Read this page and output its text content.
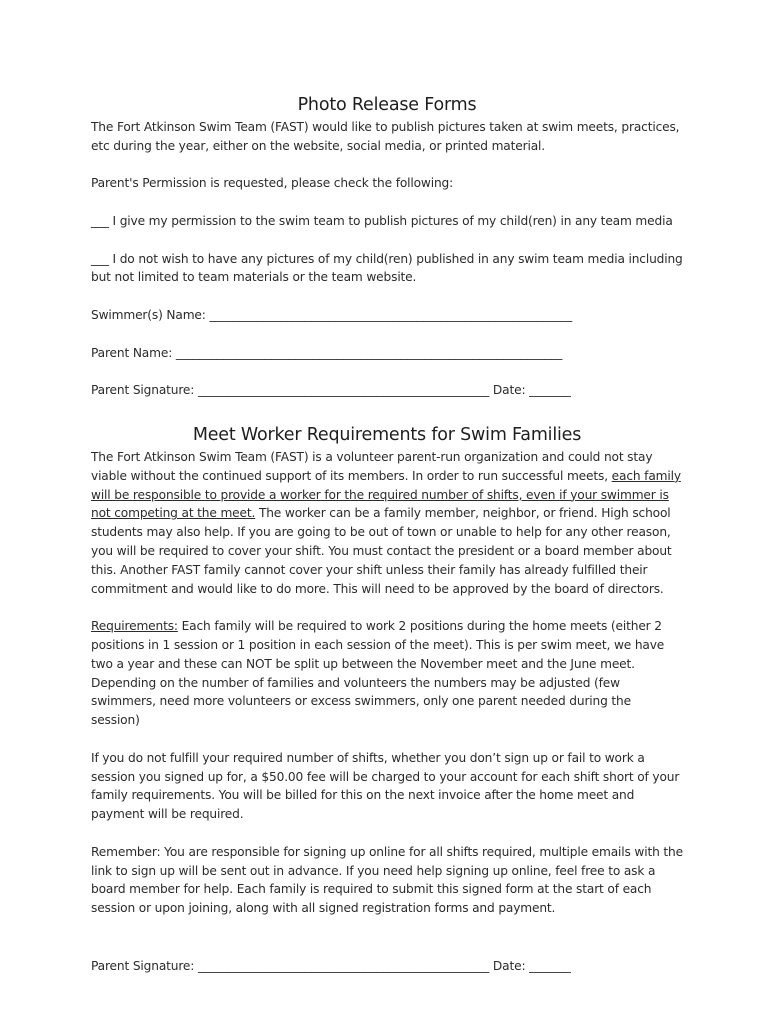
Photo Release Forms

The Fort Atkinson Swim Team (FAST) would like to publish pictures taken at swim meets, practices, etc during the year, either on the website, social media, or printed material.

Parent's Permission is requested, please check the following:

___ I give my permission to the swim team to publish pictures of my child(ren) in any team media

___ I do not wish to have any pictures of my child(ren) published in any swim team media including but not limited to team materials or the team website.

Swimmer(s) Name: _____________________________________________________________

Parent Name: _________________________________________________________________

Parent Signature: _________________________________________________ Date: _______

Meet Worker Requirements for Swim Families

The Fort Atkinson Swim Team (FAST) is a volunteer parent-run organization and could not stay viable without the continued support of its members. In order to run successful meets, each family will be responsible to provide a worker for the required number of shifts, even if your swimmer is not competing at the meet. The worker can be a family member, neighbor, or friend. High school students may also help. If you are going to be out of town or unable to help for any other reason, you will be required to cover your shift. You must contact the president or a board member about this. Another FAST family cannot cover your shift unless their family has already fulfilled their commitment and would like to do more. This will need to be approved by the board of directors.

Requirements: Each family will be required to work 2 positions during the home meets (either 2 positions in 1 session or 1 position in each session of the meet). This is per swim meet, we have two a year and these can NOT be split up between the November meet and the June meet. Depending on the number of families and volunteers the numbers may be adjusted (few swimmers, need more volunteers or excess swimmers, only one parent needed during the session)

If you do not fulfill your required number of shifts, whether you don’t sign up or fail to work a session you signed up for, a $50.00 fee will be charged to your account for each shift short of your family requirements. You will be billed for this on the next invoice after the home meet and payment will be required.

Remember: You are responsible for signing up online for all shifts required, multiple emails with the link to sign up will be sent out in advance. If you need help signing up online, feel free to ask a board member for help. Each family is required to submit this signed form at the start of each session or upon joining, along with all signed registration forms and payment.

Parent Signature: _________________________________________________ Date: _______
